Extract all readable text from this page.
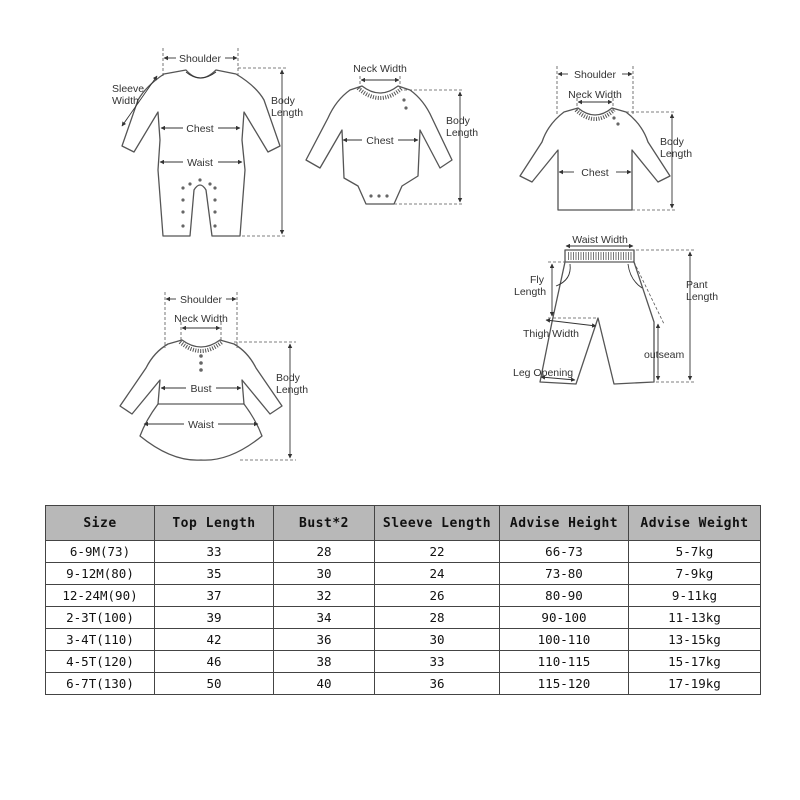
Shoulder
Sleeve Width	Body Length
Chest
Waist
Neck Width
Chest
Body Length
Shoulder
Neck Width
Chest
Body Length
Waist Width
Fly Length
Pant Length
Thigh Width
outseam
Leg Opening
Shoulder
Neck Width
Bust
Waist
Body Length
Size	Top Length	Bust*2	Sleeve Length	Advise Height	Advise Weight
6-9M(73)	33	28	22	66-73	5-7kg
9-12M(80)	35	30	24	73-80	7-9kg
12-24M(90)	37	32	26	80-90	9-11kg
2-3T(100)	39	34	28	90-100	11-13kg
3-4T(110)	42	36	30	100-110	13-15kg
4-5T(120)	46	38	33	110-115	15-17kg
6-7T(130)	50	40	36	115-120	17-19kg
